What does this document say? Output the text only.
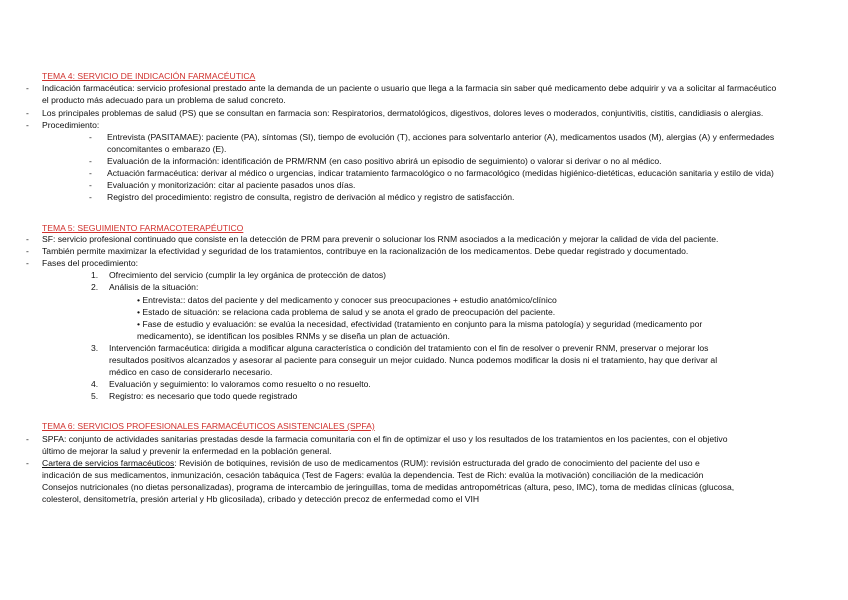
TEMA 4: SERVICIO DE INDICACIÓN FARMACÉUTICA
- Indicación farmacéutica: servicio profesional prestado ante la demanda de un paciente o usuario que llega a la farmacia sin saber qué medicamento debe adquirir y va a solicitar al farmacéutico
el producto más adecuado para un problema de salud concreto.
- Los principales problemas de salud (PS) que se consultan en farmacia son: Respiratorios, dermatológicos, digestivos, dolores leves o moderados, conjuntivitis, cistitis, candidiasis o alergias.
- Procedimiento:
- Entrevista (PASITAMAE): paciente (PA), síntomas (SI), tiempo de evolución (T), acciones para solventarlo anterior (A), medicamentos usados (M), alergias (A) y enfermedades
concomitantes o embarazo (E).
- Evaluación de la información: identificación de PRM/RNM (en caso positivo abrirá un episodio de seguimiento) o valorar si derivar o no al médico.
- Actuación farmacéutica: derivar al médico o urgencias, indicar tratamiento farmacológico o no farmacológico (medidas higiénico-dietéticas, educación sanitaria y estilo de vida)
- Evaluación y monitorización: citar al paciente pasados unos días.
- Registro del procedimiento: registro de consulta, registro de derivación al médico y registro de satisfacción.
TEMA 5: SEGUIMIENTO FARMACOTERAPÉUTICO
- SF: servicio profesional continuado que consiste en la detección de PRM para prevenir o solucionar los RNM asociados a la medicación y mejorar la calidad de vida del paciente.
- También permite maximizar la efectividad y seguridad de los tratamientos, contribuye en la racionalización de los medicamentos. Debe quedar registrado y documentado.
- Fases del procedimiento:
1. Ofrecimiento del servicio (cumplir la ley orgánica de protección de datos)
2. Análisis de la situación:
• Entrevista:: datos del paciente y del medicamento y conocer sus preocupaciones + estudio anatómico/clínico
• Estado de situación: se relaciona cada problema de salud y se anota el grado de preocupación del paciente.
• Fase de estudio y evaluación: se evalúa la necesidad, efectividad (tratamiento en conjunto para la misma patología) y seguridad (medicamento por
medicamento), se identifican los posibles RNMs y se diseña un plan de actuación.
3. Intervención farmacéutica: dirigida a modificar alguna característica o condición del tratamiento con el fin de resolver o prevenir RNM, preservar o mejorar los
resultados positivos alcanzados y asesorar al paciente para conseguir un mejor cuidado. Nunca podemos modificar la dosis ni el tratamiento, hay que derivar al
médico en caso de considerarlo necesario.
4. Evaluación y seguimiento: lo valoramos como resuelto o no resuelto.
5. Registro: es necesario que todo quede registrado
TEMA 6: SERVICIOS PROFESIONALES FARMACÉUTICOS ASISTENCIALES (SPFA)
- SPFA: conjunto de actividades sanitarias prestadas desde la farmacia comunitaria con el fin de optimizar el uso y los resultados de los tratamientos en los pacientes, con el objetivo
último de mejorar la salud y prevenir la enfermedad en la población general.
- Cartera de servicios farmacéuticos: Revisión de botiquines, revisión de uso de medicamentos (RUM): revisión estructurada del grado de conocimiento del paciente del uso e
indicación de sus medicamentos, inmunización, cesación tabáquica (Test de Fagers: evalúa la dependencia. Test de Rich: evalúa la motivación) conciliación de la medicación
Consejos nutricionales (no dietas personalizadas), programa de intercambio de jeringuillas, toma de medidas antropométricas (altura, peso, IMC), toma de medidas clínicas (glucosa,
colesterol, densitometría, presión arterial y Hb glicosilada), cribado y detección precoz de enfermedad como el VIH
